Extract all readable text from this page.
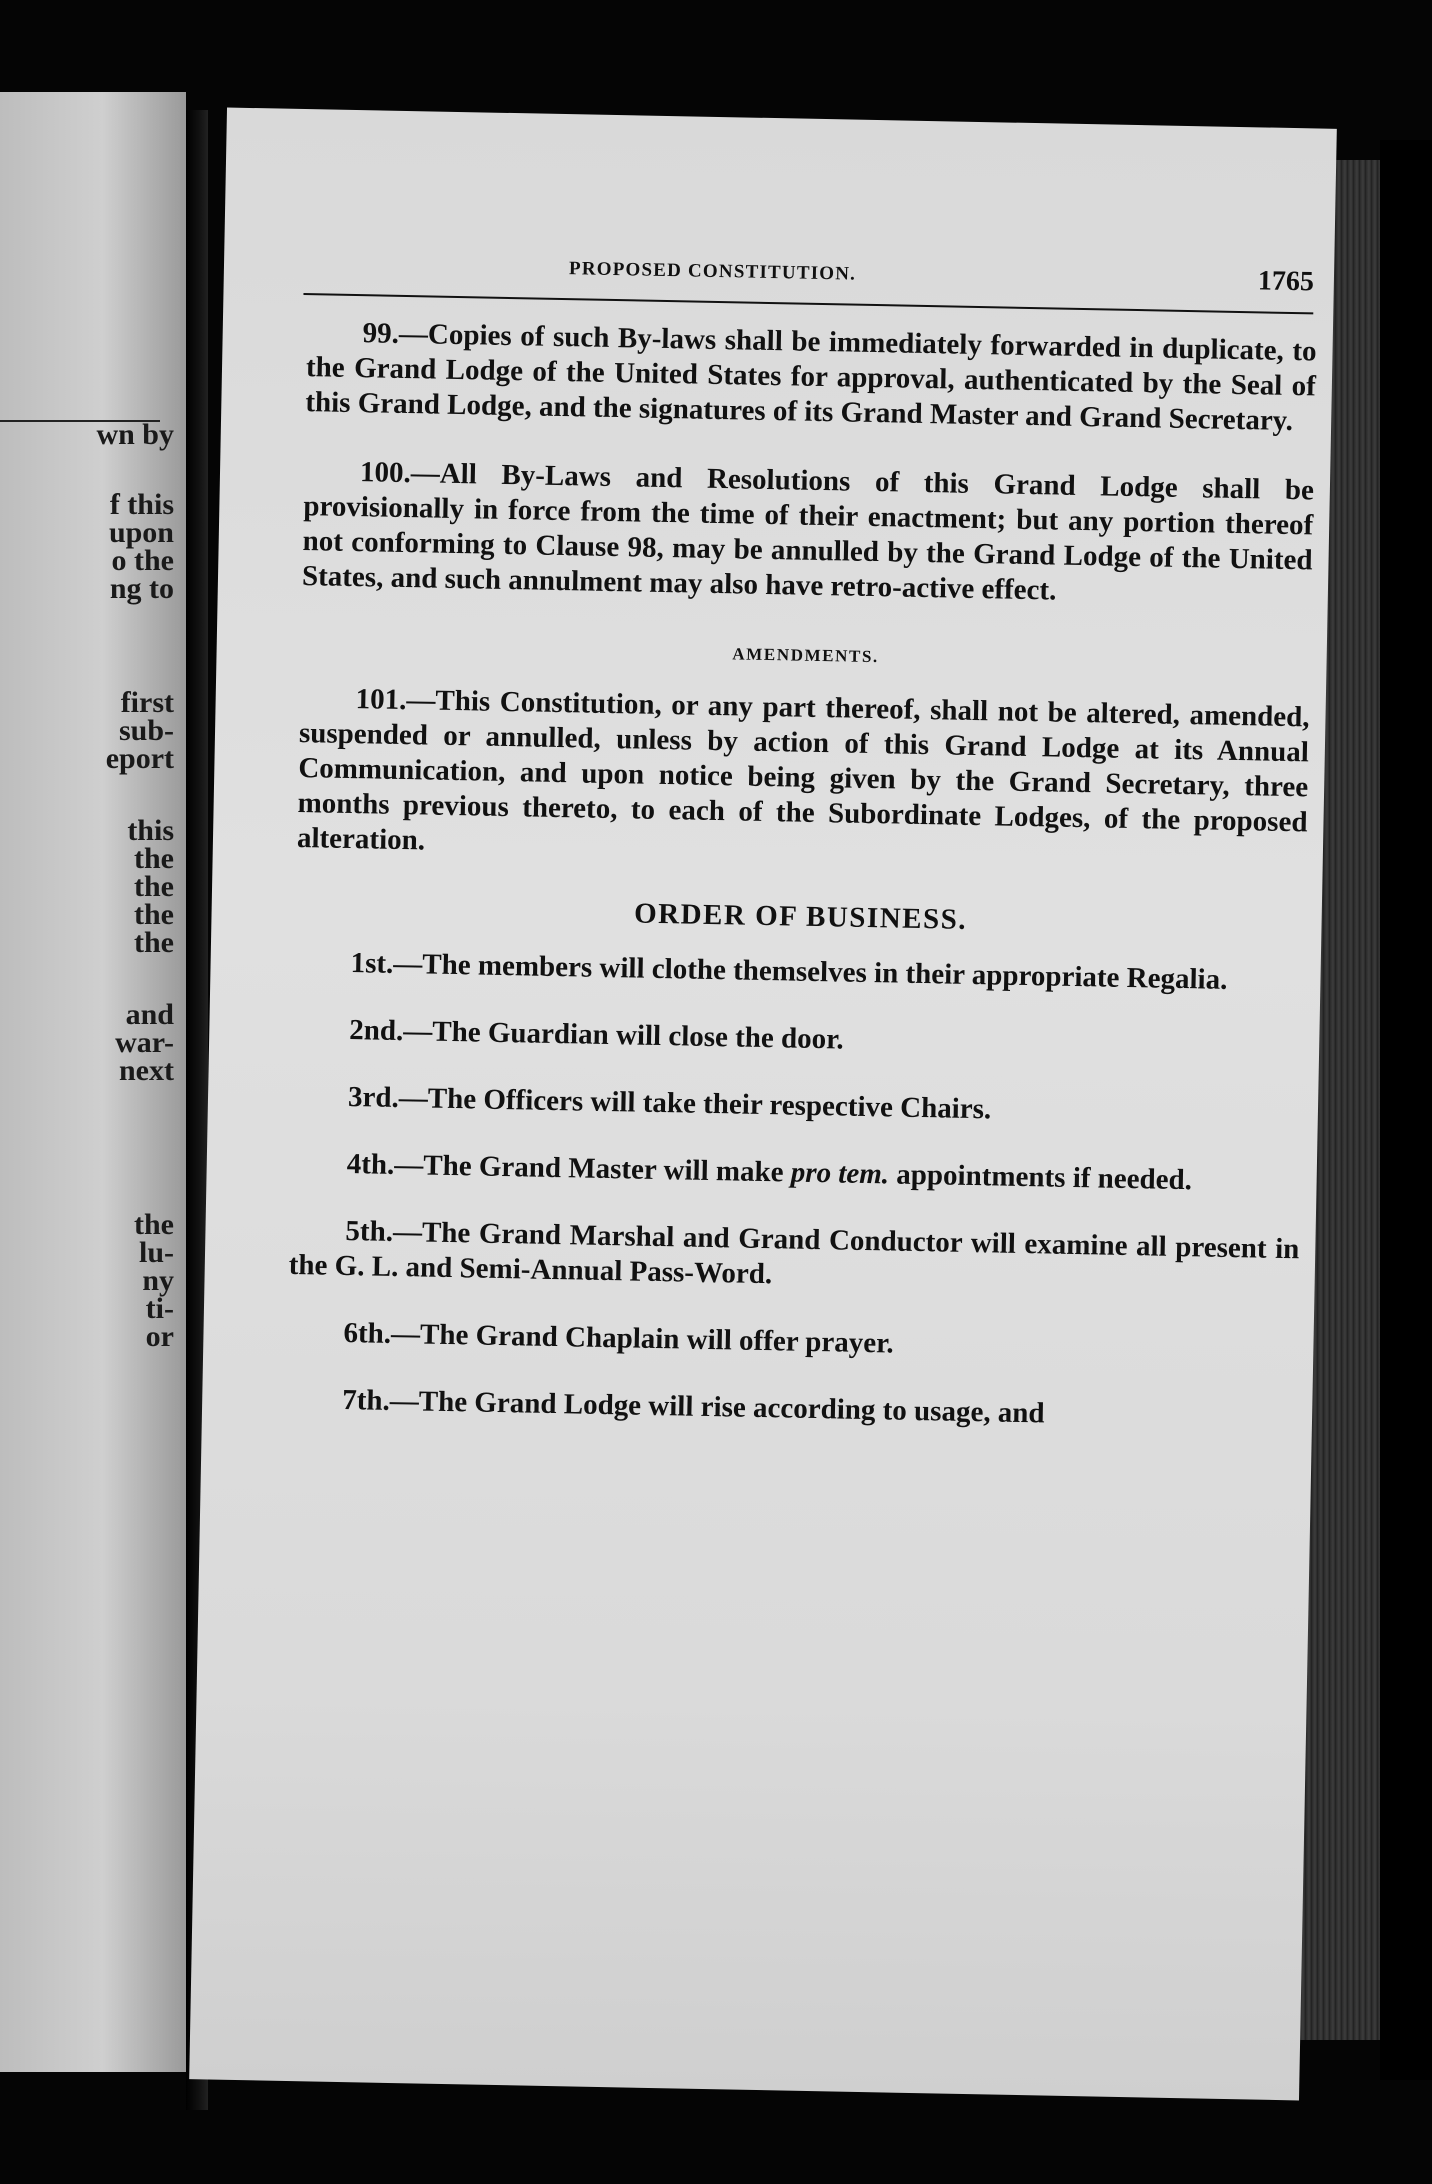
wn by
f this
upon
o the
ng to
first
sub-
eport
this
the
the
the
the
and
war-
next
the
lu-
ny
ti-
or
PROPOSED CONSTITUTION.	1765

99.—Copies of such By-laws shall be immediately forwarded in duplicate, to the Grand Lodge of the United States for approval, authenticated by the Seal of this Grand Lodge, and the signatures of its Grand Master and Grand Secretary.

100.—All By-Laws and Resolutions of this Grand Lodge shall be provisionally in force from the time of their enactment; but any portion thereof not conforming to Clause 98, may be annulled by the Grand Lodge of the United States, and such annulment may also have retro-active effect.

AMENDMENTS.

101.—This Constitution, or any part thereof, shall not be altered, amended, suspended or annulled, unless by action of this Grand Lodge at its Annual Communication, and upon notice being given by the Grand Secretary, three months previous thereto, to each of the Subordinate Lodges, of the proposed alteration.

ORDER OF BUSINESS.

1st.—The members will clothe themselves in their appropriate Regalia.

2nd.—The Guardian will close the door.

3rd.—The Officers will take their respective Chairs.

4th.—The Grand Master will make pro tem. appointments if needed.

5th.—The Grand Marshal and Grand Conductor will examine all present in the G. L. and Semi-Annual Pass-Word.

6th.—The Grand Chaplain will offer prayer.

7th.—The Grand Lodge will rise according to usage, and
